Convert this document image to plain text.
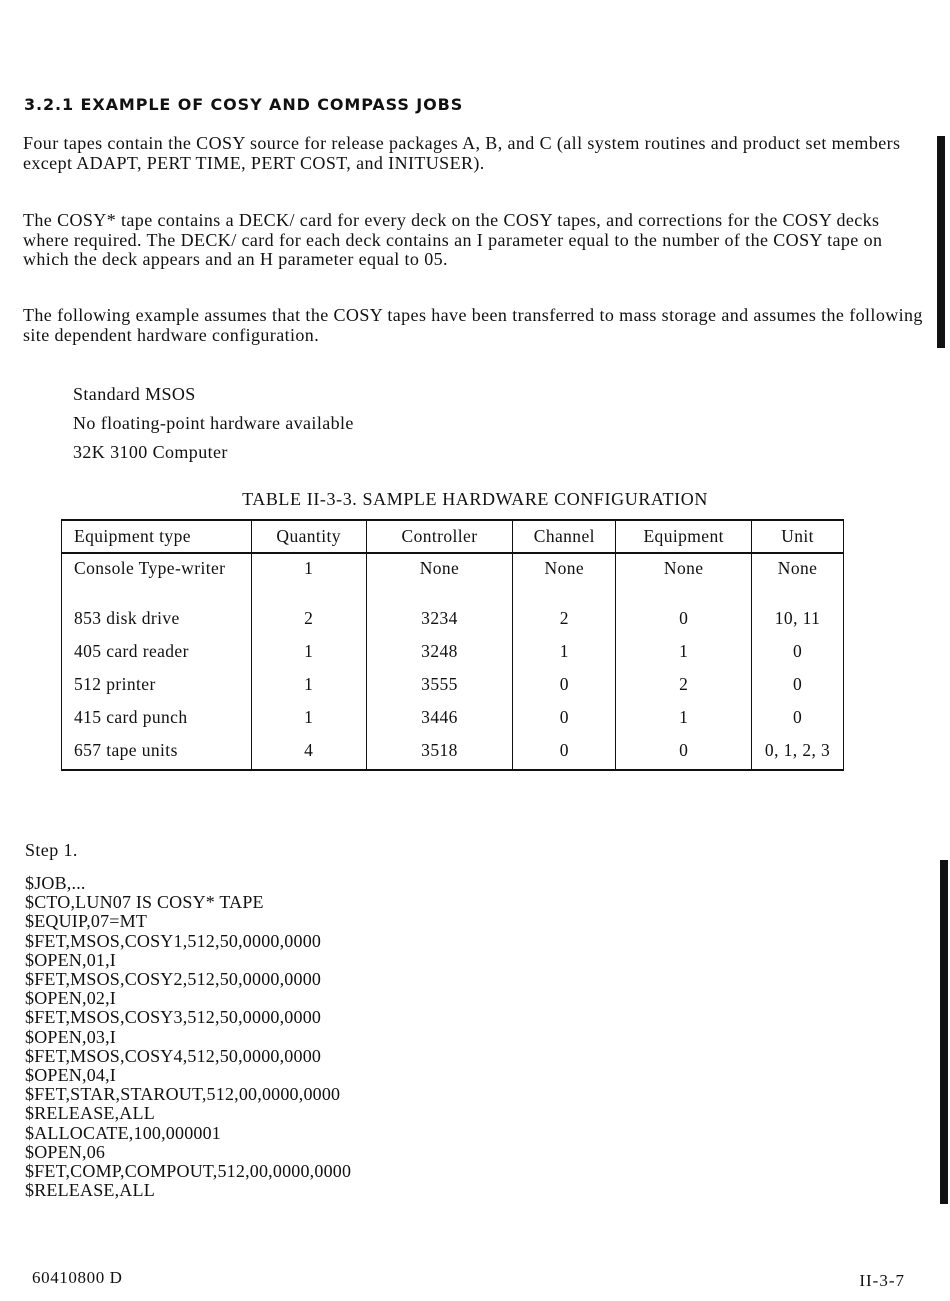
3.2.1 EXAMPLE OF COSY AND COMPASS JOBS

Four tapes contain the COSY source for release packages A, B, and C (all system routines and product set members except ADAPT, PERT TIME, PERT COST, and INITUSER).

The COSY* tape contains a DECK/ card for every deck on the COSY tapes, and corrections for the COSY decks where required. The DECK/ card for each deck contains an I parameter equal to the number of the COSY tape on which the deck appears and an H parameter equal to 05.

The following example assumes that the COSY tapes have been transferred to mass storage and assumes the following site dependent hardware configuration.

Standard MSOS
No floating-point hardware available
32K 3100 Computer
TABLE II-3-3. SAMPLE HARDWARE CONFIGURATION
Equipment type	Quantity	Controller	Channel	Equipment	Unit
Console Type-writer	1	None	None	None	None
853 disk drive	2	3234	2	0	10, 11
405 card reader	1	3248	1	1	0
512 printer	1	3555	0	2	0
415 card punch	1	3446	0	1	0
657 tape units	4	3518	0	0	0, 1, 2, 3
Step 1.
$JOB,...
$CTO,LUN07 IS COSY* TAPE
$EQUIP,07=MT
$FET,MSOS,COSY1,512,50,0000,0000
$OPEN,01,I
$FET,MSOS,COSY2,512,50,0000,0000
$OPEN,02,I
$FET,MSOS,COSY3,512,50,0000,0000
$OPEN,03,I
$FET,MSOS,COSY4,512,50,0000,0000
$OPEN,04,I
$FET,STAR,STAROUT,512,00,0000,0000
$RELEASE,ALL
$ALLOCATE,100,000001
$OPEN,06
$FET,COMP,COMPOUT,512,00,0000,0000
$RELEASE,ALL
60410800 D	II-3-7
